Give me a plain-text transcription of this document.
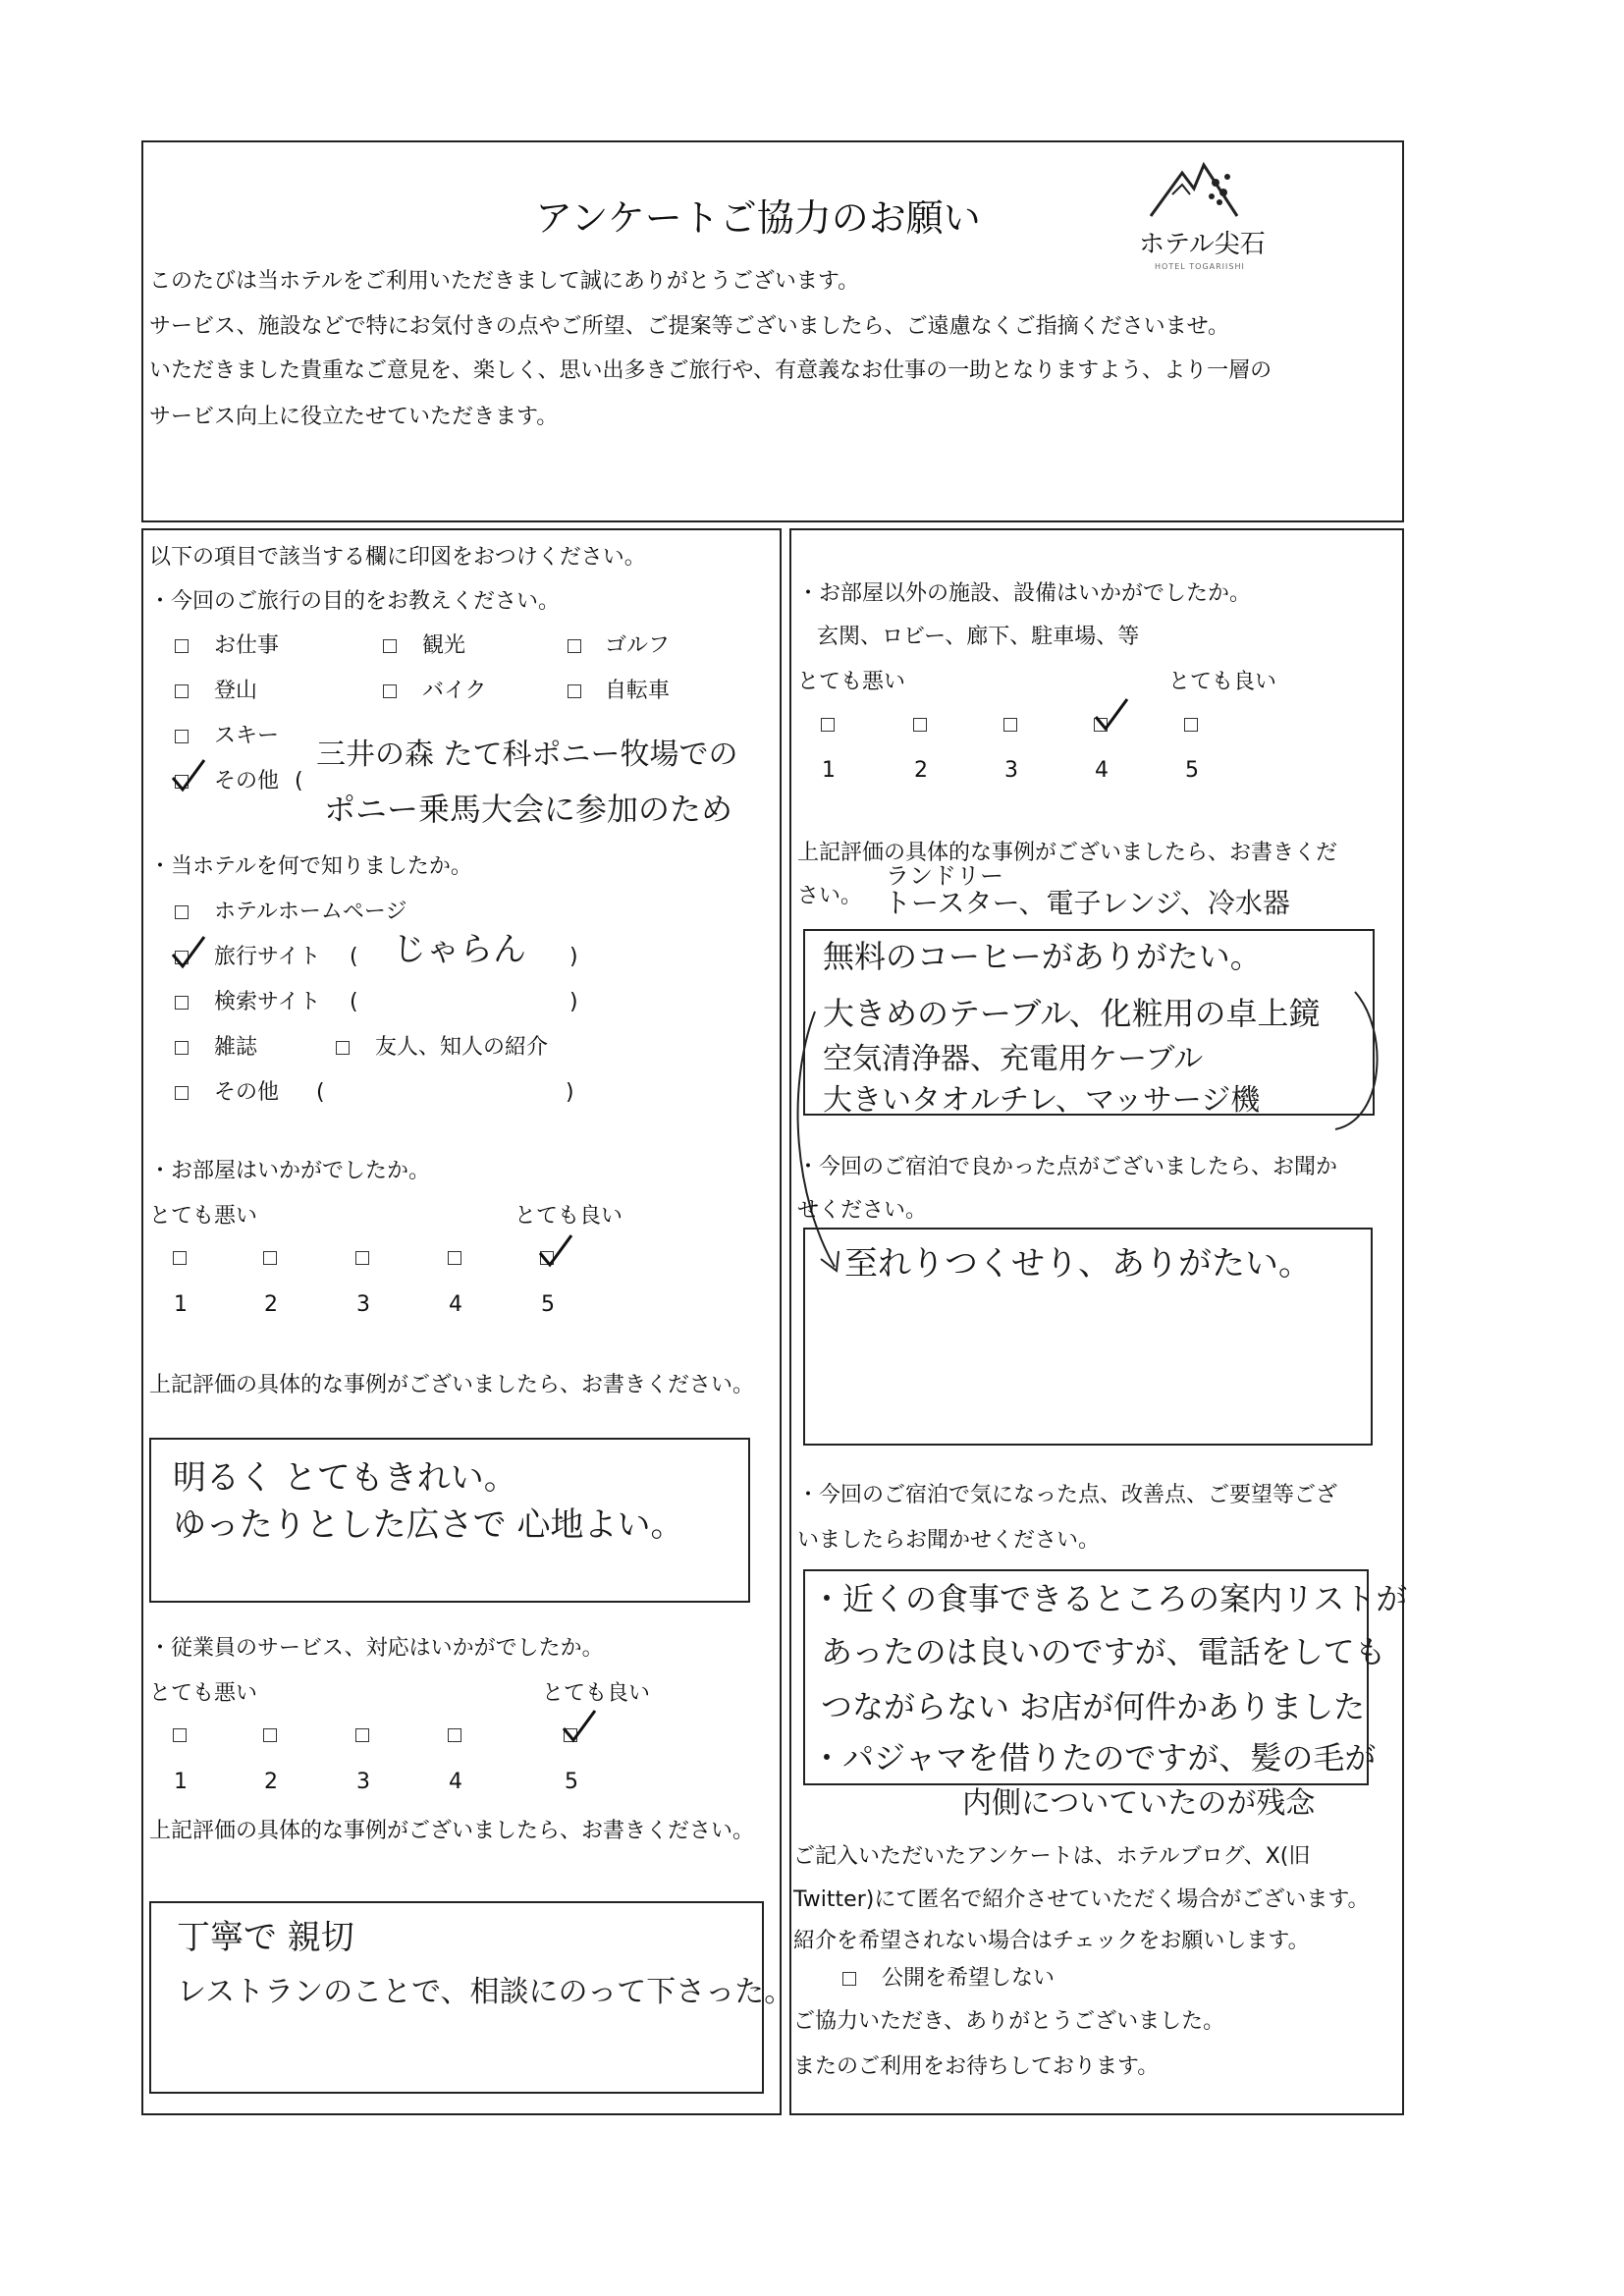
アンケートご協力のお願い
ホテル尖石
HOTEL TOGARIISHI
このたびは当ホテルをご利用いただきまして誠にありがとうございます。
サービス、施設などで特にお気付きの点やご所望、ご提案等ございましたら、ご遠慮なくご指摘くださいませ。
いただきました貴重なご意見を、楽しく、思い出多きご旅行や、有意義なお仕事の一助となりますよう、より一層の
サービス向上に役立たせていただきます。
以下の項目で該当する欄に印図をおつけください。
・今回のご旅行の目的をお教えください。
お仕事	観光	ゴルフ
登山	バイク	自転車
スキー
その他 (
三井の森 たて科ポニー牧場での
ポニー乗馬大会に参加のため
・当ホテルを何で知りましたか。
ホテルホームページ
旅行サイト ( じゃらん )
検索サイト (	)
雑誌	友人、知人の紹介
その他 (	)
・お部屋はいかがでしたか。
とても悪い	とても良い
1	2	3	4	5
上記評価の具体的な事例がございましたら、お書きください。
明るく とてもきれい。
ゆったりとした広さで 心地よい。
・従業員のサービス、対応はいかがでしたか。
とても悪い	とても良い
1	2	3	4	5
上記評価の具体的な事例がございましたら、お書きください。
丁寧で 親切
レストランのことで、相談にのって下さった。
・お部屋以外の施設、設備はいかがでしたか。
玄関、ロビー、廊下、駐車場、等
とても悪い	とても良い
1	2	3	4	5
上記評価の具体的な事例がございましたら、お書きくだ
さい。
ランドリー
トースター、電子レンジ、冷水器
無料のコーヒーがありがたい。
大きめのテーブル、化粧用の卓上鏡
空気清浄器、充電用ケーブル
大きいタオルチレ、マッサージ機
・今回のご宿泊で良かった点がございましたら、お聞か
せください。
至れりつくせり、ありがたい。
・今回のご宿泊で気になった点、改善点、ご要望等ござ
いましたらお聞かせください。
・近くの食事できるところの案内リストが
あったのは良いのですが、電話をしても
つながらない お店が何件かありました
・パジャマを借りたのですが、髪の毛が
内側についていたのが残念
ご記入いただいたアンケートは、ホテルブログ、X(旧
Twitter)にて匿名で紹介させていただく場合がございます。
紹介を希望されない場合はチェックをお願いします。
公開を希望しない
ご協力いただき、ありがとうございました。
またのご利用をお待ちしております。
